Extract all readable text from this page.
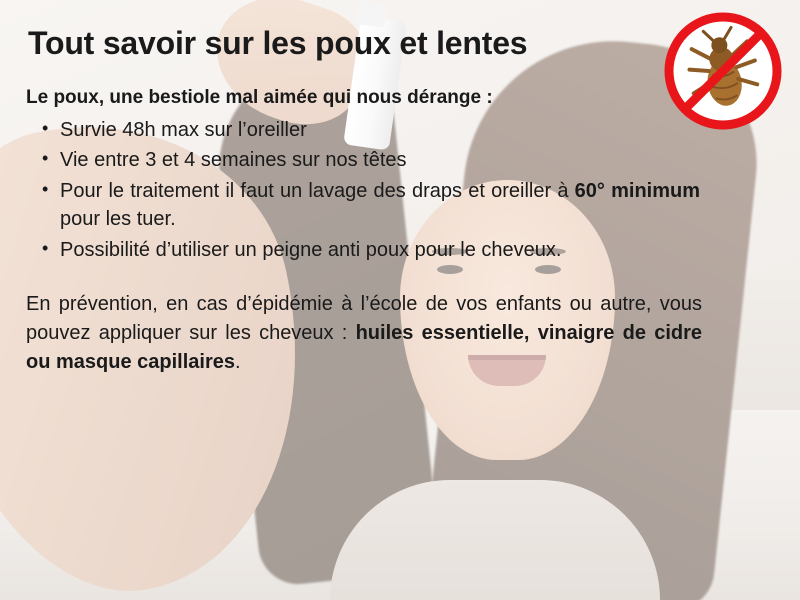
Tout savoir sur les poux et lentes
Le poux, une bestiole mal aimée qui nous dérange :
• Survie 48h max sur l’oreiller
• Vie entre 3 et 4 semaines sur nos têtes
• Pour le traitement il faut un lavage des draps et oreiller à 60° minimum pour les tuer.
• Possibilité d’utiliser un peigne anti poux pour le cheveux.

En prévention, en cas d’épidémie à l’école de vos enfants ou autre, vous pouvez appliquer sur les cheveux : huiles essentielle, vinaigre de cidre ou masque capillaires.
